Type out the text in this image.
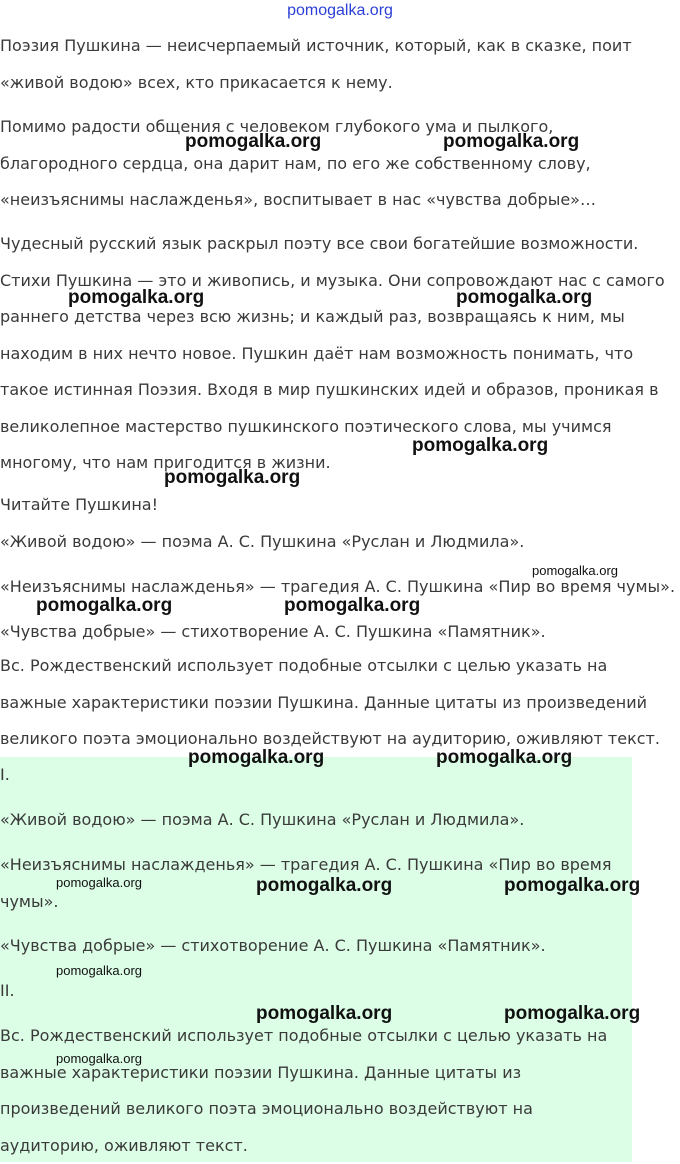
pomogalka.org

Поэзия Пушкина — неисчерпаемый источник, который, как в сказке, поит «живой водою» всех, кто прикасается к нему.

Помимо радости общения с человеком глубокого ума и пылкого, благородного сердца, она дарит нам, по его же собственному слову, «неизъяснимы наслажденья», воспитывает в нас «чувства добрые»…

Чудесный русский язык раскрыл поэту все свои богатейшие возможности. Стихи Пушкина — это и живопись, и музыка. Они сопровождают нас с самого раннего детства через всю жизнь; и каждый раз, возвращаясь к ним, мы находим в них нечто новое. Пушкин даёт нам возможность понимать, что такое истинная Поэзия. Входя в мир пушкинских идей и образов, проникая в великолепное мастерство пушкинского поэтического слова, мы учимся многому, что нам пригодится в жизни.

Читайте Пушкина!

«Живой водою» — поэма А. С. Пушкина «Руслан и Людмила».

«Неизъяснимы наслажденья» — трагедия А. С. Пушкина «Пир во время чумы».

«Чувства добрые» — стихотворение А. С. Пушкина «Памятник».

Вс. Рождественский использует подобные отсылки с целью указать на важные характеристики поэзии Пушкина. Данные цитаты из произведений великого поэта эмоционально воздействуют на аудиторию, оживляют текст.

I.

«Живой водою» — поэма А. С. Пушкина «Руслан и Людмила».

«Неизъяснимы наслажденья» — трагедия А. С. Пушкина «Пир во время чумы».

«Чувства добрые» — стихотворение А. С. Пушкина «Памятник».

II.

Вс. Рождественский использует подобные отсылки с целью указать на важные характеристики поэзии Пушкина. Данные цитаты из произведений великого поэта эмоционально воздействуют на аудиторию, оживляют текст.

pomogalka.org	pomogalka.org
pomogalka.org	pomogalka.org
pomogalka.org
pomogalka.org
pomogalka.org
pomogalka.org	pomogalka.org
pomogalka.org	pomogalka.org
pomogalka.org	pomogalka.org	pomogalka.org
pomogalka.org
pomogalka.org	pomogalka.org
pomogalka.org
